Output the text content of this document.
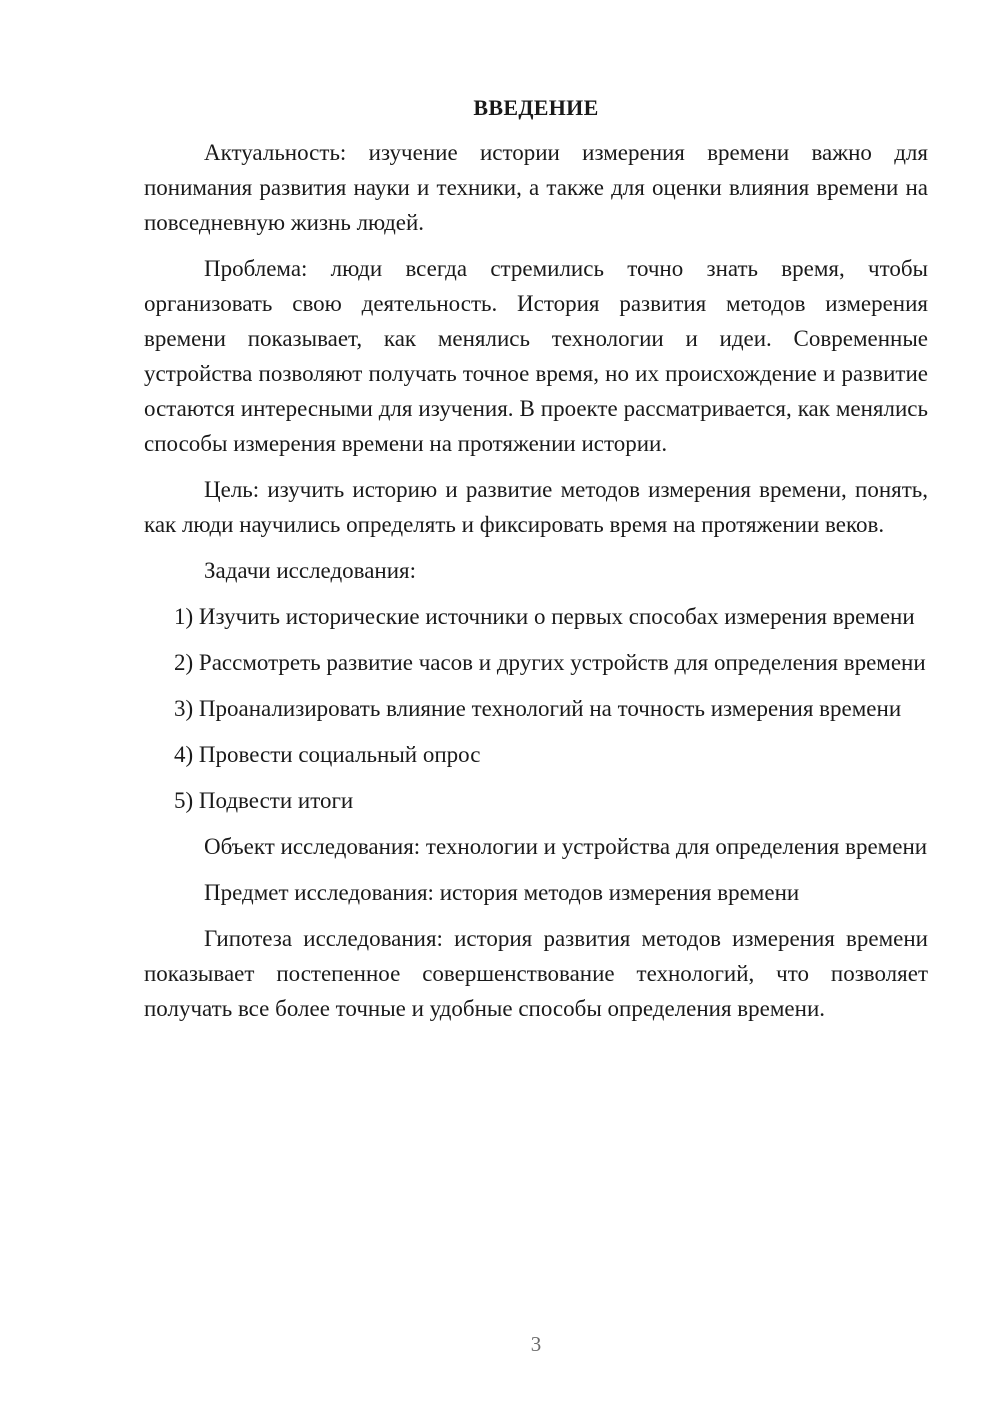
ВВЕДЕНИЕ

Актуальность: изучение истории измерения времени важно для понимания развития науки и техники, а также для оценки влияния времени на повседневную жизнь людей.

Проблема: люди всегда стремились точно знать время, чтобы организовать свою деятельность. История развития методов измерения времени показывает, как менялись технологии и идеи. Современные устройства позволяют получать точное время, но их происхождение и развитие остаются интересными для изучения. В проекте рассматривается, как менялись способы измерения времени на протяжении истории.

Цель: изучить историю и развитие методов измерения времени, понять, как люди научились определять и фиксировать время на протяжении веков.

Задачи исследования:

1) Изучить исторические источники о первых способах измерения времени

2) Рассмотреть развитие часов и других устройств для определения времени

3) Проанализировать влияние технологий на точность измерения времени

4) Провести социальный опрос

5) Подвести итоги

Объект исследования: технологии и устройства для определения времени

Предмет исследования: история методов измерения времени

Гипотеза исследования: история развития методов измерения времени показывает постепенное совершенствование технологий, что позволяет получать все более точные и удобные способы определения времени.

3
